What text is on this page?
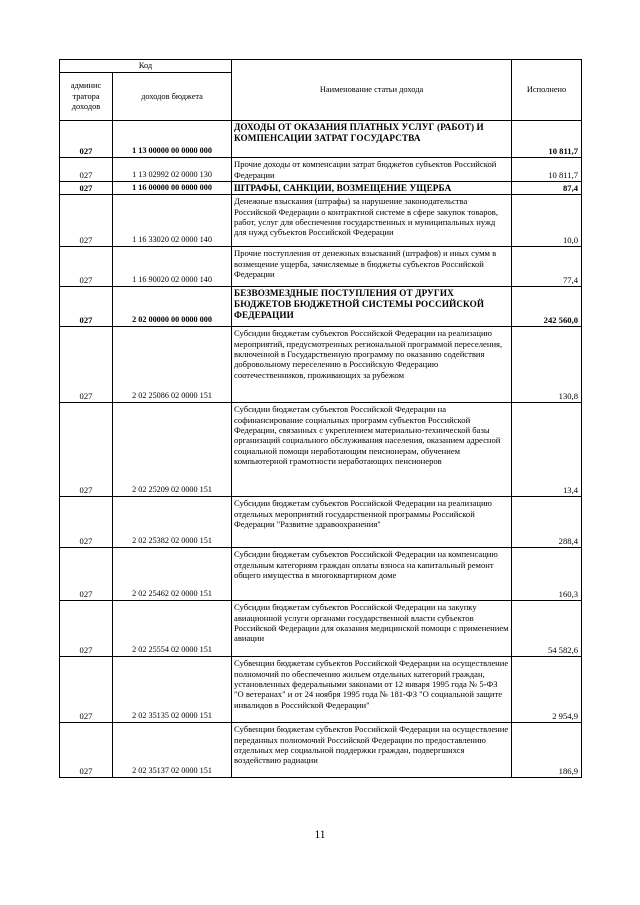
Код		Наименование статьи дохода	Исполнено
админис тратора доходов	доходов бюджета		
027	1 13 00000 00 0000 000	ДОХОДЫ ОТ ОКАЗАНИЯ ПЛАТНЫХ УСЛУГ (РАБОТ) И КОМПЕНСАЦИИ ЗАТРАТ ГОСУДАРСТВА	10 811,7
027	1 13 02992 02 0000 130	Прочие доходы от компенсации затрат бюджетов субъектов Российской Федерации	10 811,7
027	1 16 00000 00 0000 000	ШТРАФЫ, САНКЦИИ, ВОЗМЕЩЕНИЕ УЩЕРБА	87,4
027	1 16 33020 02 0000 140	Денежные взыскания (штрафы) за нарушение законодательства Российской Федерации о контрактной системе в сфере закупок товаров, работ, услуг для обеспечения государственных и муниципальных нужд для нужд субъектов Российской Федерации	10,0
027	1 16 90020 02 0000 140	Прочие поступления от денежных взысканий (штрафов) и иных сумм в возмещение ущерба, зачисляемые в бюджеты субъектов Российской Федерации	77,4
027	2 02 00000 00 0000 000	БЕЗВОЗМЕЗДНЫЕ ПОСТУПЛЕНИЯ ОТ ДРУГИХ БЮДЖЕТОВ БЮДЖЕТНОЙ СИСТЕМЫ РОССИЙСКОЙ ФЕДЕРАЦИИ	242 560,0
027	2 02 25086 02 0000 151	Субсидии бюджетам субъектов Российской Федерации на реализацию мероприятий, предусмотренных региональной программой переселения, включенной в Государственную программу по оказанию содействия добровольному переселению в Российскую Федерацию соотечественников, проживающих за рубежом	130,8
027	2 02 25209 02 0000 151	Субсидии бюджетам субъектов Российской Федерации на софинансирование социальных программ субъектов Российской Федерации, связанных с укреплением материально-технической базы организаций социального обслуживания населения, оказанием адресной социальной помощи неработающим пенсионерам, обучением компьютерной грамотности неработающих пенсионеров	13,4
027	2 02 25382 02 0000 151	Субсидии бюджетам субъектов Российской Федерации на реализацию отдельных мероприятий государственной программы Российской Федерации "Развитие здравоохранения"	288,4
027	2 02 25462 02 0000 151	Субсидии бюджетам субъектов Российской Федерации на компенсацию отдельным категориям граждан оплаты взноса на капитальный ремонт общего имущества в многоквартирном доме	160,3
027	2 02 25554 02 0000 151	Субсидии бюджетам субъектов Российской Федерации на закупку авиационной услуги органами государственной власти субъектов Российской Федерации для оказания медицинской помощи с применением авиации	54 582,6
027	2 02 35135 02 0000 151	Субвенции бюджетам субъектов Российской Федерации на осуществление полномочий по обеспечению жильем отдельных категорий граждан, установленных федеральными законами от 12 января 1995 года № 5-ФЗ "О ветеранах" и от 24 ноября 1995 года № 181-ФЗ "О социальной защите инвалидов в Российской Федерации"	2 954,9
027	2 02 35137 02 0000 151	Субвенции бюджетам субъектов Российской Федерации на осуществление переданных полномочий Российской Федерации по предоставлению отдельных мер социальной поддержки граждан, подвергшихся воздействию радиации	186,9
11
